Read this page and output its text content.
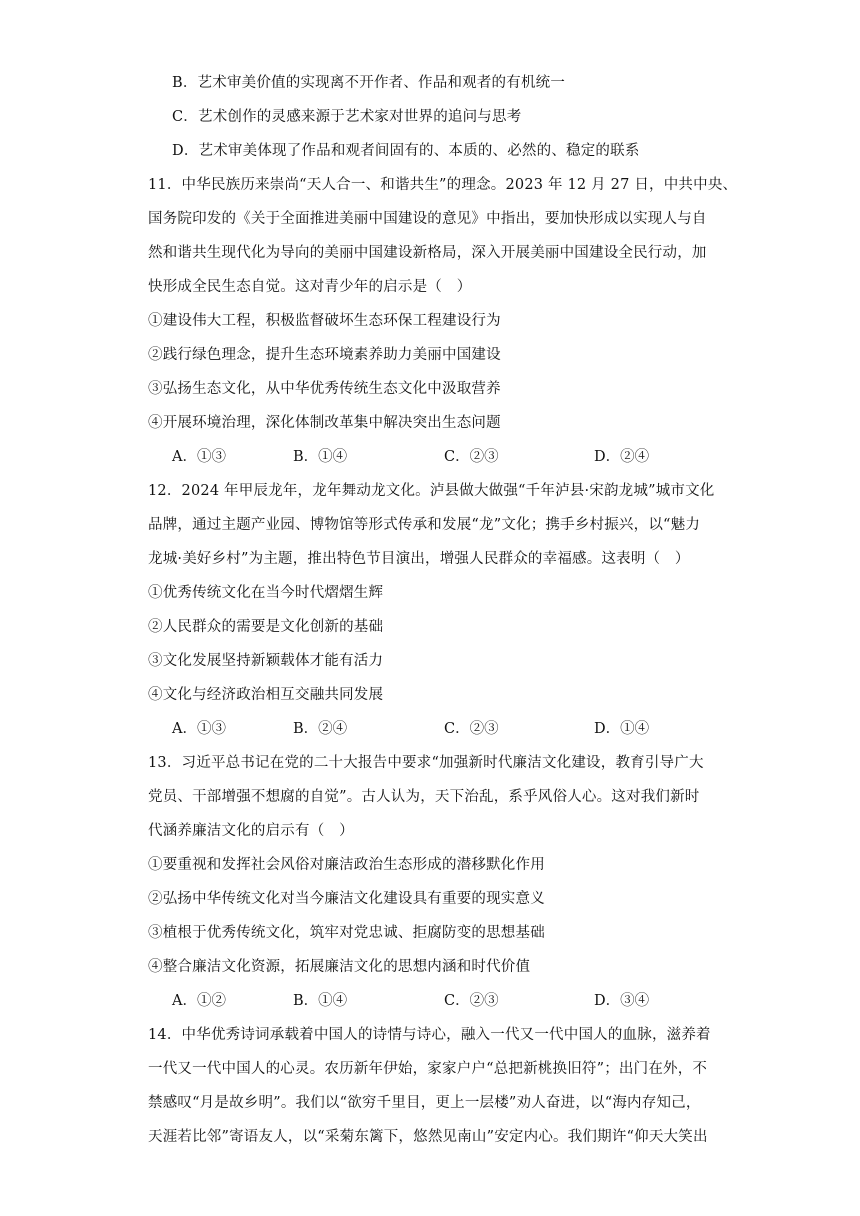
B．艺术审美价值的实现离不开作者、作品和观者的有机统一
C．艺术创作的灵感来源于艺术家对世界的追问与思考
D．艺术审美体现了作品和观者间固有的、本质的、必然的、稳定的联系
11．中华民族历来崇尚“天人合一、和谐共生”的理念。2023 年 12 月 27 日，中共中央、
国务院印发的《关于全面推进美丽中国建设的意见》中指出，要加快形成以实现人与自
然和谐共生现代化为导向的美丽中国建设新格局，深入开展美丽中国建设全民行动，加
快形成全民生态自觉。这对青少年的启示是（　）
①建设伟大工程，积极监督破坏生态环保工程建设行为
②践行绿色理念，提升生态环境素养助力美丽中国建设
③弘扬生态文化，从中华优秀传统生态文化中汲取营养
④开展环境治理，深化体制改革集中解决突出生态问题
A．①③	B．①④	C．②③	D．②④
12．2024 年甲辰龙年，龙年舞动龙文化。泸县做大做强“千年泸县·宋韵龙城”城市文化
品牌，通过主题产业园、博物馆等形式传承和发展“龙”文化；携手乡村振兴，以“魅力
龙城·美好乡村”为主题，推出特色节目演出，增强人民群众的幸福感。这表明（　）
①优秀传统文化在当今时代熠熠生辉
②人民群众的需要是文化创新的基础
③文化发展坚持新颖载体才能有活力
④文化与经济政治相互交融共同发展
A．①③	B．②④	C．②③	D．①④
13．习近平总书记在党的二十大报告中要求“加强新时代廉洁文化建设，教育引导广大
党员、干部增强不想腐的自觉”。古人认为，天下治乱，系乎风俗人心。这对我们新时
代涵养廉洁文化的启示有（　）
①要重视和发挥社会风俗对廉洁政治生态形成的潜移默化作用
②弘扬中华传统文化对当今廉洁文化建设具有重要的现实意义
③植根于优秀传统文化，筑牢对党忠诚、拒腐防变的思想基础
④整合廉洁文化资源，拓展廉洁文化的思想内涵和时代价值
A．①②	B．①④	C．②③	D．③④
14．中华优秀诗词承载着中国人的诗情与诗心，融入一代又一代中国人的血脉，滋养着
一代又一代中国人的心灵。农历新年伊始，家家户户“总把新桃换旧符”；出门在外，不
禁感叹“月是故乡明”。我们以“欲穷千里目，更上一层楼”劝人奋进，以“海内存知己，
天涯若比邻”寄语友人，以“采菊东篱下，悠然见南山”安定内心。我们期许“仰天大笑出
